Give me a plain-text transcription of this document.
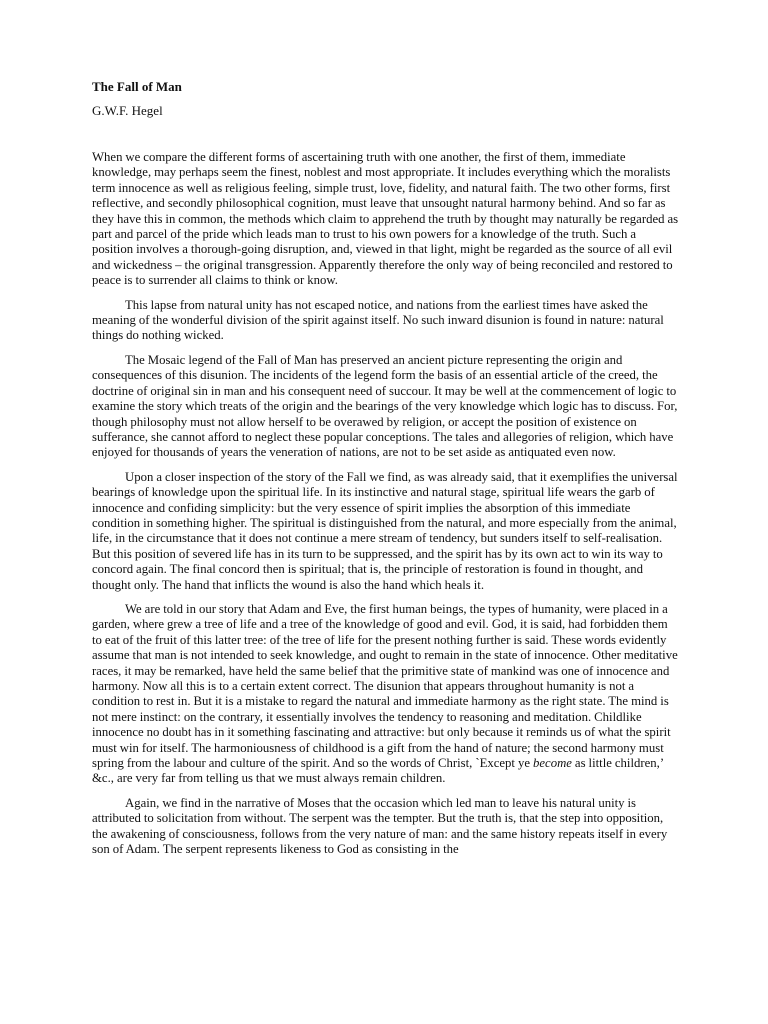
The Fall of Man
G.W.F. Hegel

When we compare the different forms of ascertaining truth with one another, the first of them, immediate knowledge, may perhaps seem the finest, noblest and most appropriate. It includes everything which the moralists term innocence as well as religious feeling, simple trust, love, fidelity, and natural faith. The two other forms, first reflective, and secondly philosophical cognition, must leave that unsought natural harmony behind. And so far as they have this in common, the methods which claim to apprehend the truth by thought may naturally be regarded as part and parcel of the pride which leads man to trust to his own powers for a knowledge of the truth. Such a position involves a thorough-going disruption, and, viewed in that light, might be regarded as the source of all evil and wickedness – the original transgression. Apparently therefore the only way of being reconciled and restored to peace is to surrender all claims to think or know.

This lapse from natural unity has not escaped notice, and nations from the earliest times have asked the meaning of the wonderful division of the spirit against itself. No such inward disunion is found in nature: natural things do nothing wicked.

The Mosaic legend of the Fall of Man has preserved an ancient picture representing the origin and consequences of this disunion. The incidents of the legend form the basis of an essential article of the creed, the doctrine of original sin in man and his consequent need of succour. It may be well at the commencement of logic to examine the story which treats of the origin and the bearings of the very knowledge which logic has to discuss. For, though philosophy must not allow herself to be overawed by religion, or accept the position of existence on sufferance, she cannot afford to neglect these popular conceptions. The tales and allegories of religion, which have enjoyed for thousands of years the veneration of nations, are not to be set aside as antiquated even now.

Upon a closer inspection of the story of the Fall we find, as was already said, that it exemplifies the universal bearings of knowledge upon the spiritual life. In its instinctive and natural stage, spiritual life wears the garb of innocence and confiding simplicity: but the very essence of spirit implies the absorption of this immediate condition in something higher. The spiritual is distinguished from the natural, and more especially from the animal, life, in the circumstance that it does not continue a mere stream of tendency, but sunders itself to self-realisation. But this position of severed life has in its turn to be suppressed, and the spirit has by its own act to win its way to concord again. The final concord then is spiritual; that is, the principle of restoration is found in thought, and thought only. The hand that inflicts the wound is also the hand which heals it.

We are told in our story that Adam and Eve, the first human beings, the types of humanity, were placed in a garden, where grew a tree of life and a tree of the knowledge of good and evil. God, it is said, had forbidden them to eat of the fruit of this latter tree: of the tree of life for the present nothing further is said. These words evidently assume that man is not intended to seek knowledge, and ought to remain in the state of innocence. Other meditative races, it may be remarked, have held the same belief that the primitive state of mankind was one of innocence and harmony. Now all this is to a certain extent correct. The disunion that appears throughout humanity is not a condition to rest in. But it is a mistake to regard the natural and immediate harmony as the right state. The mind is not mere instinct: on the contrary, it essentially involves the tendency to reasoning and meditation. Childlike innocence no doubt has in it something fascinating and attractive: but only because it reminds us of what the spirit must win for itself. The harmoniousness of childhood is a gift from the hand of nature; the second harmony must spring from the labour and culture of the spirit. And so the words of Christ, `Except ye become as little children,’ &c., are very far from telling us that we must always remain children.

Again, we find in the narrative of Moses that the occasion which led man to leave his natural unity is attributed to solicitation from without. The serpent was the tempter. But the truth is, that the step into opposition, the awakening of consciousness, follows from the very nature of man: and the same history repeats itself in every son of Adam. The serpent represents likeness to God as consisting in the
